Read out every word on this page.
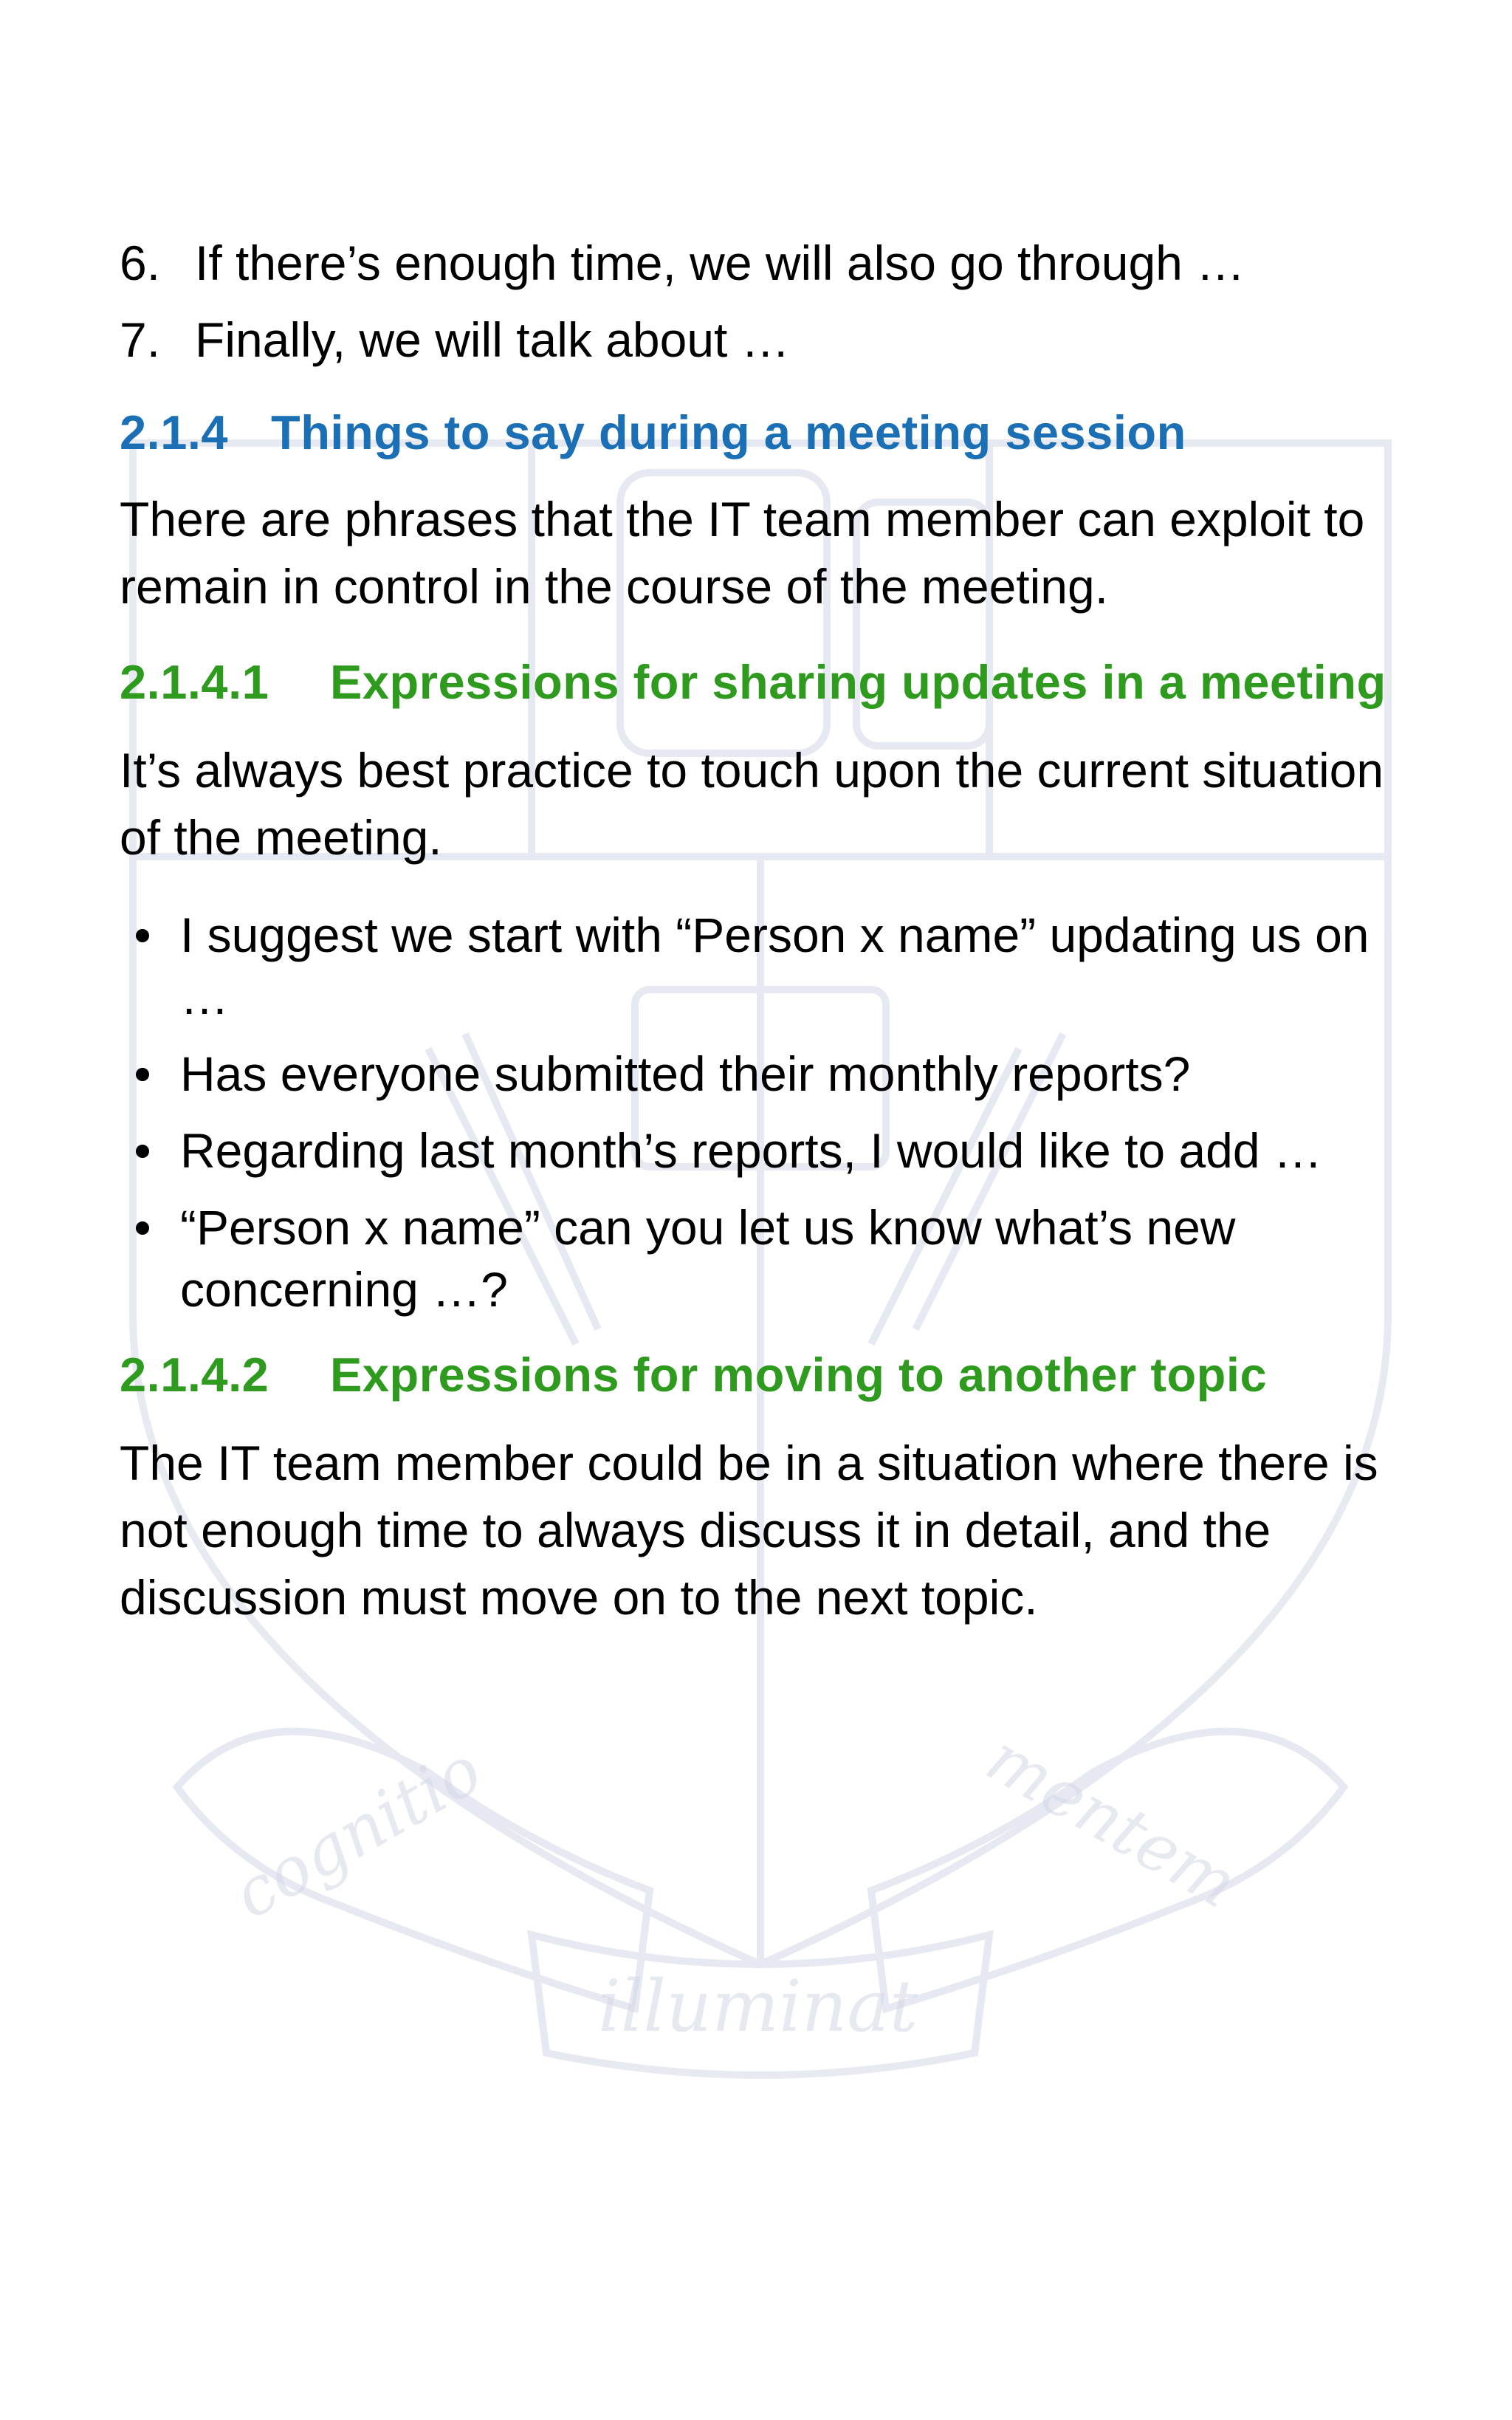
cognitio
illuminat
mentem
6. If there’s enough time, we will also go through …
7. Finally, we will talk about …
2.1.4 Things to say during a meeting session

There are phrases that the IT team member can exploit to remain in control in the course of the meeting.

2.1.4.1	Expressions for sharing updates in a meeting

It’s always best practice to touch upon the current situation of the meeting.

I suggest we start with “Person x name” updating us on …
Has everyone submitted their monthly reports?
Regarding last month’s reports, I would like to add …
“Person x name” can you let us know what’s new concerning …?
2.1.4.2	Expressions for moving to another topic

The IT team member could be in a situation where there is not enough time to always discuss it in detail, and the discussion must move on to the next topic.
